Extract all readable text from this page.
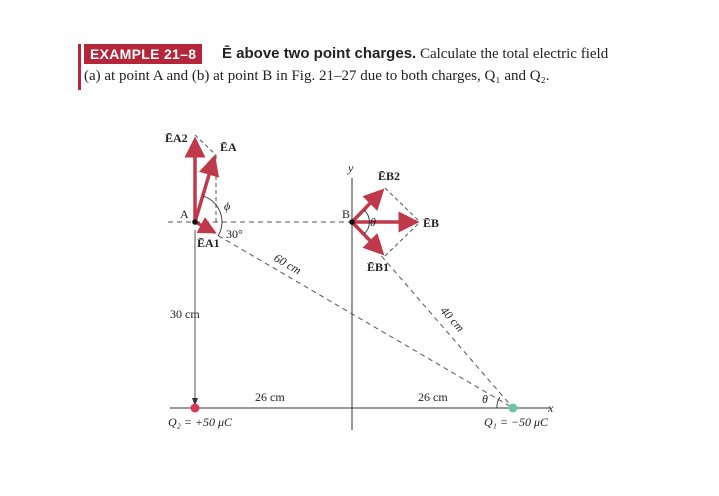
EXAMPLE 21–8	Ē above two point charges. Calculate the total electric field
(a) at point A and (b) at point B in Fig. 21–27 due to both charges, Q₁ and Q₂.
y
x
A	B
ĒA2
ĒA
ĒA1
ϕ
30°
ĒB2
ĒB
ĒB1
θ
60 cm
40 cm
30 cm
26 cm	26 cm	θ
Q₂ = +50 μC	Q₁ = −50 μC
